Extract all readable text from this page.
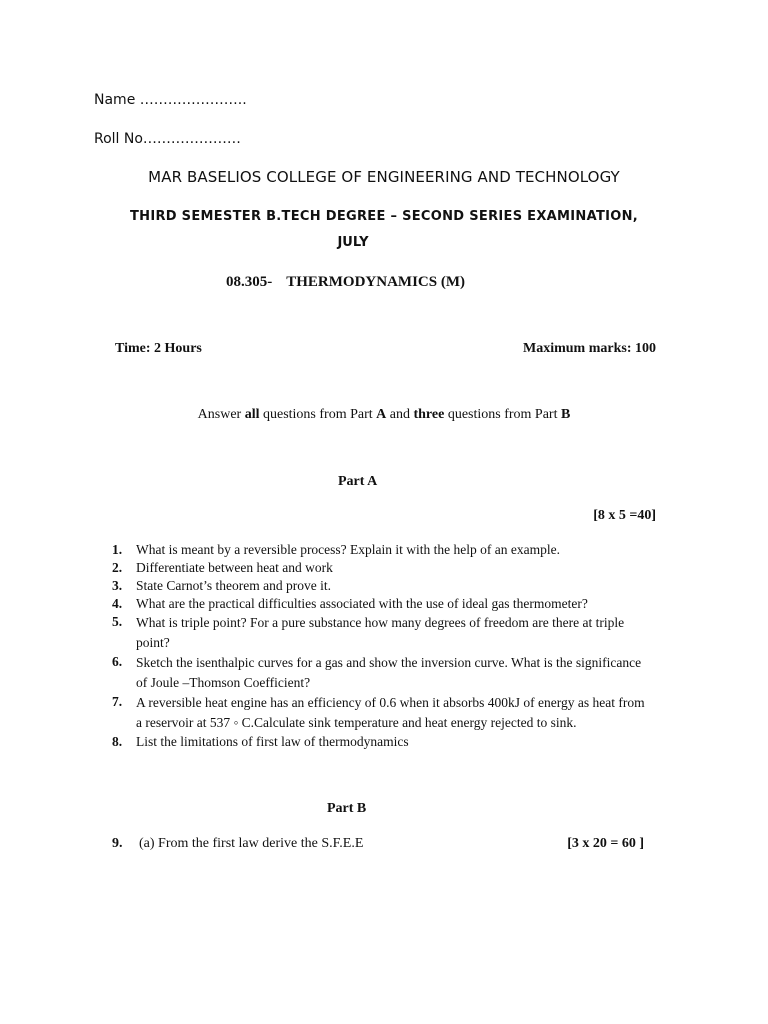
Name …………………..
Roll No…………………
MAR BASELIOS COLLEGE OF ENGINEERING AND TECHNOLOGY
THIRD SEMESTER B.TECH DEGREE – SECOND SERIES EXAMINATION,
JULY
08.305- THERMODYNAMICS (M)
Time: 2 Hours	Maximum marks: 100
Answer all questions from Part A and three questions from Part B
Part A
[8 x 5 =40]
1.	What is meant by a reversible process? Explain it with the help of an example.
2.	Differentiate between heat and work
3.	State Carnot’s theorem and prove it.
4.	What are the practical difficulties associated with the use of ideal gas thermometer?
5.	What is triple point? For a pure substance how many degrees of freedom are there at triple point?
6.	Sketch the isenthalpic curves for a gas and show the inversion curve. What is the significance of Joule –Thomson Coefficient?
7.	A reversible heat engine has an efficiency of 0.6 when it absorbs 400kJ of energy as heat from a reservoir at 537 ◦ C.Calculate sink temperature and heat energy rejected to sink.
8.	List the limitations of first law of thermodynamics
Part B
9. (a) From the first law derive the S.F.E.E	[3 x 20 = 60 ]
